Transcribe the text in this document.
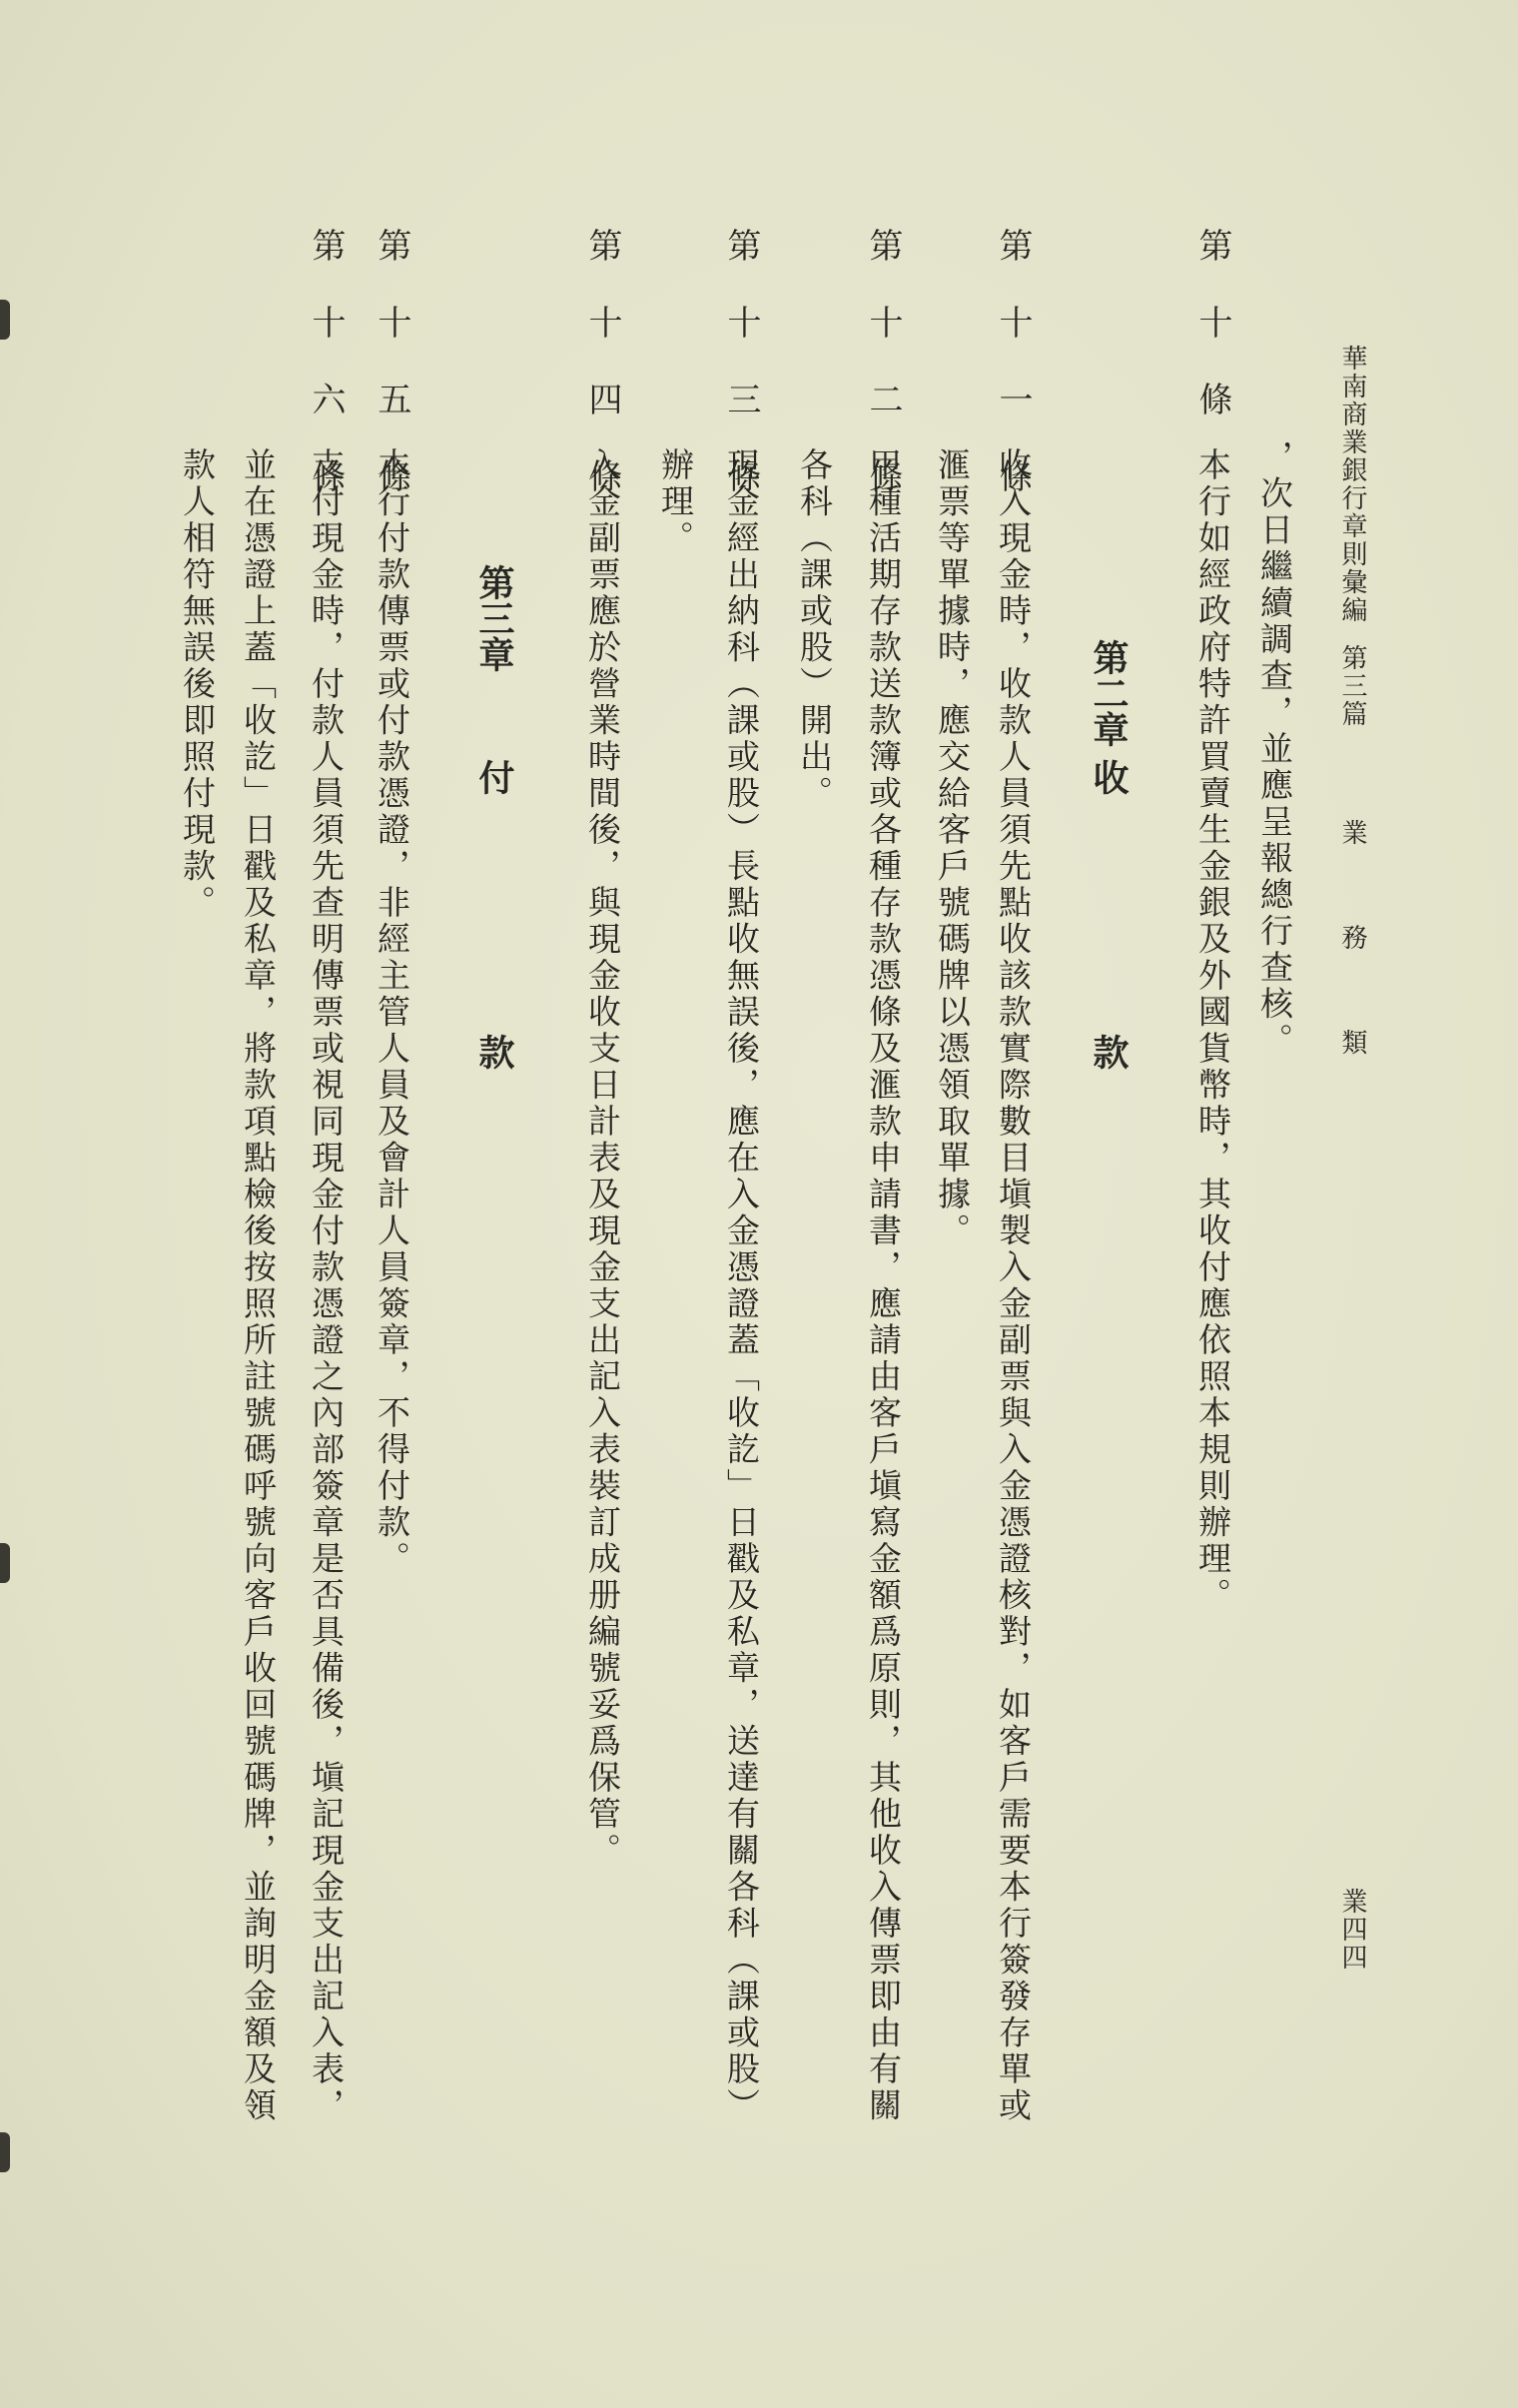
華南商業銀行章則彙編
第三篇
業
務
類
業四四
，次日繼續調查，並應呈報總行查核。
第十條
本行如經政府特許買賣生金銀及外國貨幣時，其收付應依照本規則辦理。
第二章
收
款
第十一條
收入現金時，收款人員須先點收該款實際數目塡製入金副票與入金憑證核對，如客戶需要本行簽發存單或
滙票等單據時，應交給客戶號碼牌以憑領取單據。
第十二條
甲種活期存款送款簿或各種存款憑條及滙款申請書，應請由客戶塡寫金額爲原則，其他收入傳票即由有關
各科（課或股）開出。
第十三條
現金經出納科（課或股）長點收無誤後，應在入金憑證蓋「收訖」日戳及私章，送達有關各科（課或股）
辦理。
第十四條
入金副票應於營業時間後，與現金收支日計表及現金支出記入表裝訂成册編號妥爲保管。
第三章
付
款
第十五條
本行付款傳票或付款憑證，非經主管人員及會計人員簽章，不得付款。
第十六條
支付現金時，付款人員須先查明傳票或視同現金付款憑證之內部簽章是否具備後，塡記現金支出記入表，
並在憑證上蓋「收訖」日戳及私章，將款項點檢後按照所註號碼呼號向客戶收回號碼牌，並詢明金額及領
款人相符無誤後即照付現款。
